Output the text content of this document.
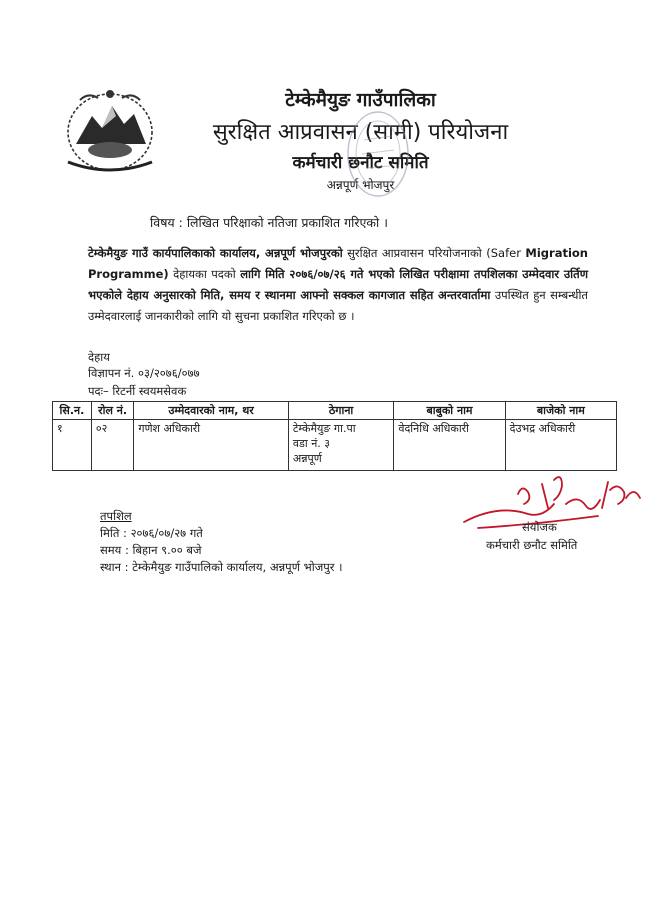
टेम्केमैयुङ गाउँपालिका
सुरक्षित आप्रवासन (सामी) परियोजना
कर्मचारी छनौट समिति
अन्नपूर्ण भोजपुर
विषय : लिखित परिक्षाको नतिजा प्रकाशित गरिएको ।
टेम्केमैयुङ गाउँ कार्यपालिकाको कार्यालय, अन्नपूर्ण भोजपुरको सुरक्षित आप्रवासन परियोजनाको (Safer Migration Programme) देहायका पदको लागि मिति २०७६/०७/२६ गते भएको लिखित परीक्षामा तपशिलका उम्मेदवार उर्तिण भएकोले देहाय अनुसारको मिति, समय र स्थानमा आफ्नो सक्कल कागजात सहित अन्तरवार्तामा उपस्थित हुन सम्बन्धीत उम्मेदवारलाई जानकारीको लागि यो सुचना प्रकाशित गरिएको छ ।
देहाय
विज्ञापन नं. ०३/२०७६/०७७
पदः– रिटर्नी स्वयमसेवक
सि.न.	रोल नं.	उम्मेदवारको नाम, थर	ठेगाना	बाबुको नाम	बाजेको नाम
१	०२	गणेश अधिकारी	टेम्केमैयुङ गा.पा
वडा नं. ३
अन्नपूर्ण	वेदनिधि अधिकारी	देउभद्र अधिकारी
तपशिल
मिति : २०७६/०७/२७ गते
समय : बिहान ९.०० बजे
स्थान : टेम्केमैयुङ गाउँपालिको कार्यालय, अन्नपूर्ण भोजपुर ।
संयोजक
कर्मचारी छनौट समिति
